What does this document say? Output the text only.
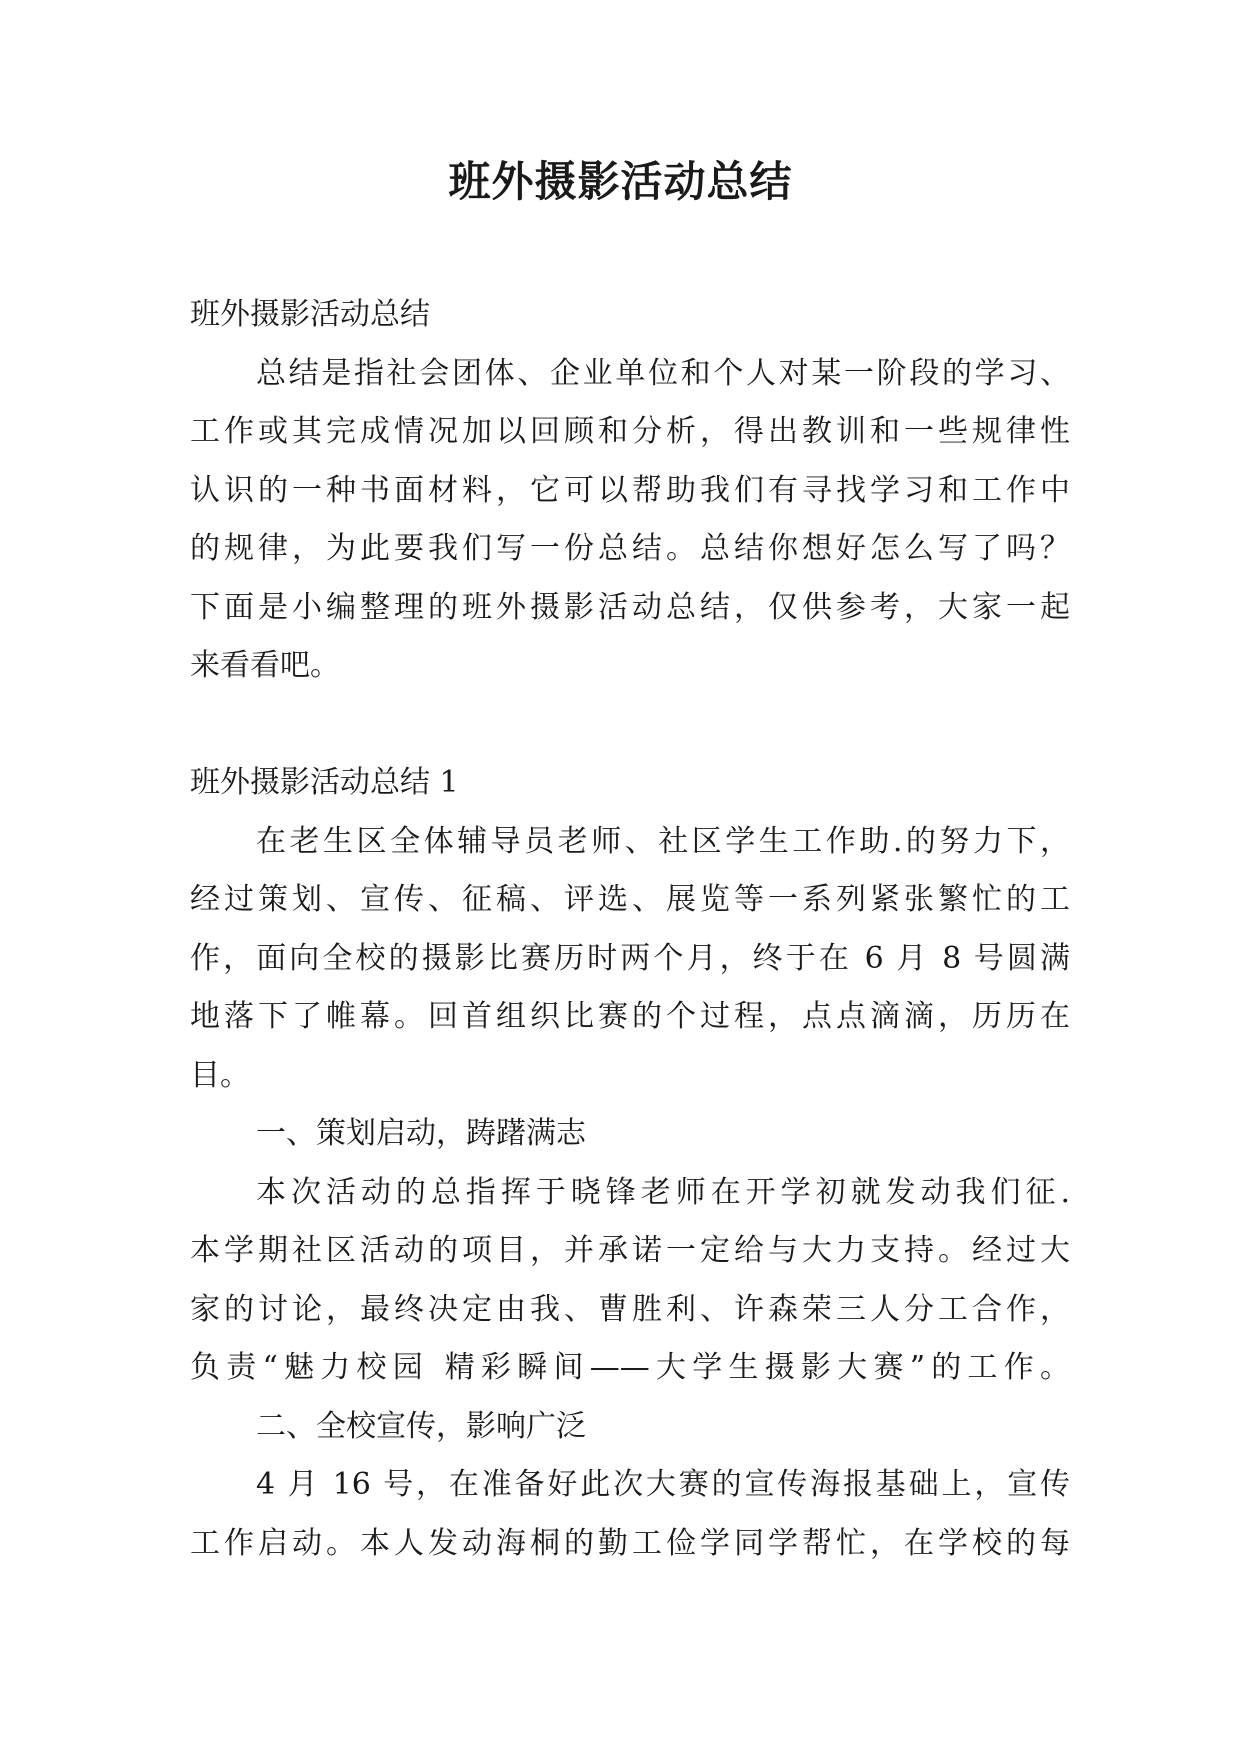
班外摄影活动总结
班外摄影活动总结
总结是指社会团体、企业单位和个人对某一阶段的学习、
工作或其完成情况加以回顾和分析，得出教训和一些规律性
认识的一种书面材料，它可以帮助我们有寻找学习和工作中
的规律，为此要我们写一份总结。总结你想好怎么写了吗？
下面是小编整理的班外摄影活动总结，仅供参考，大家一起
来看看吧。
班外摄影活动总结 1
在老生区全体辅导员老师、社区学生工作助.的努力下，
经过策划、宣传、征稿、评选、展览等一系列紧张繁忙的工
作，面向全校的摄影比赛历时两个月，终于在 6 月 8 号圆满
地落下了帷幕。回首组织比赛的个过程，点点滴滴，历历在
目。
一、策划启动，踌躇满志
本次活动的总指挥于晓锋老师在开学初就发动我们征.
本学期社区活动的项目，并承诺一定给与大力支持。经过大
家的讨论，最终决定由我、曹胜利、许森荣三人分工合作，
负责“魅力校园 精彩瞬间——大学生摄影大赛”的工作。
二、全校宣传，影响广泛
4 月 16 号，在准备好此次大赛的宣传海报基础上，宣传
工作启动。本人发动海桐的勤工俭学同学帮忙，在学校的每
